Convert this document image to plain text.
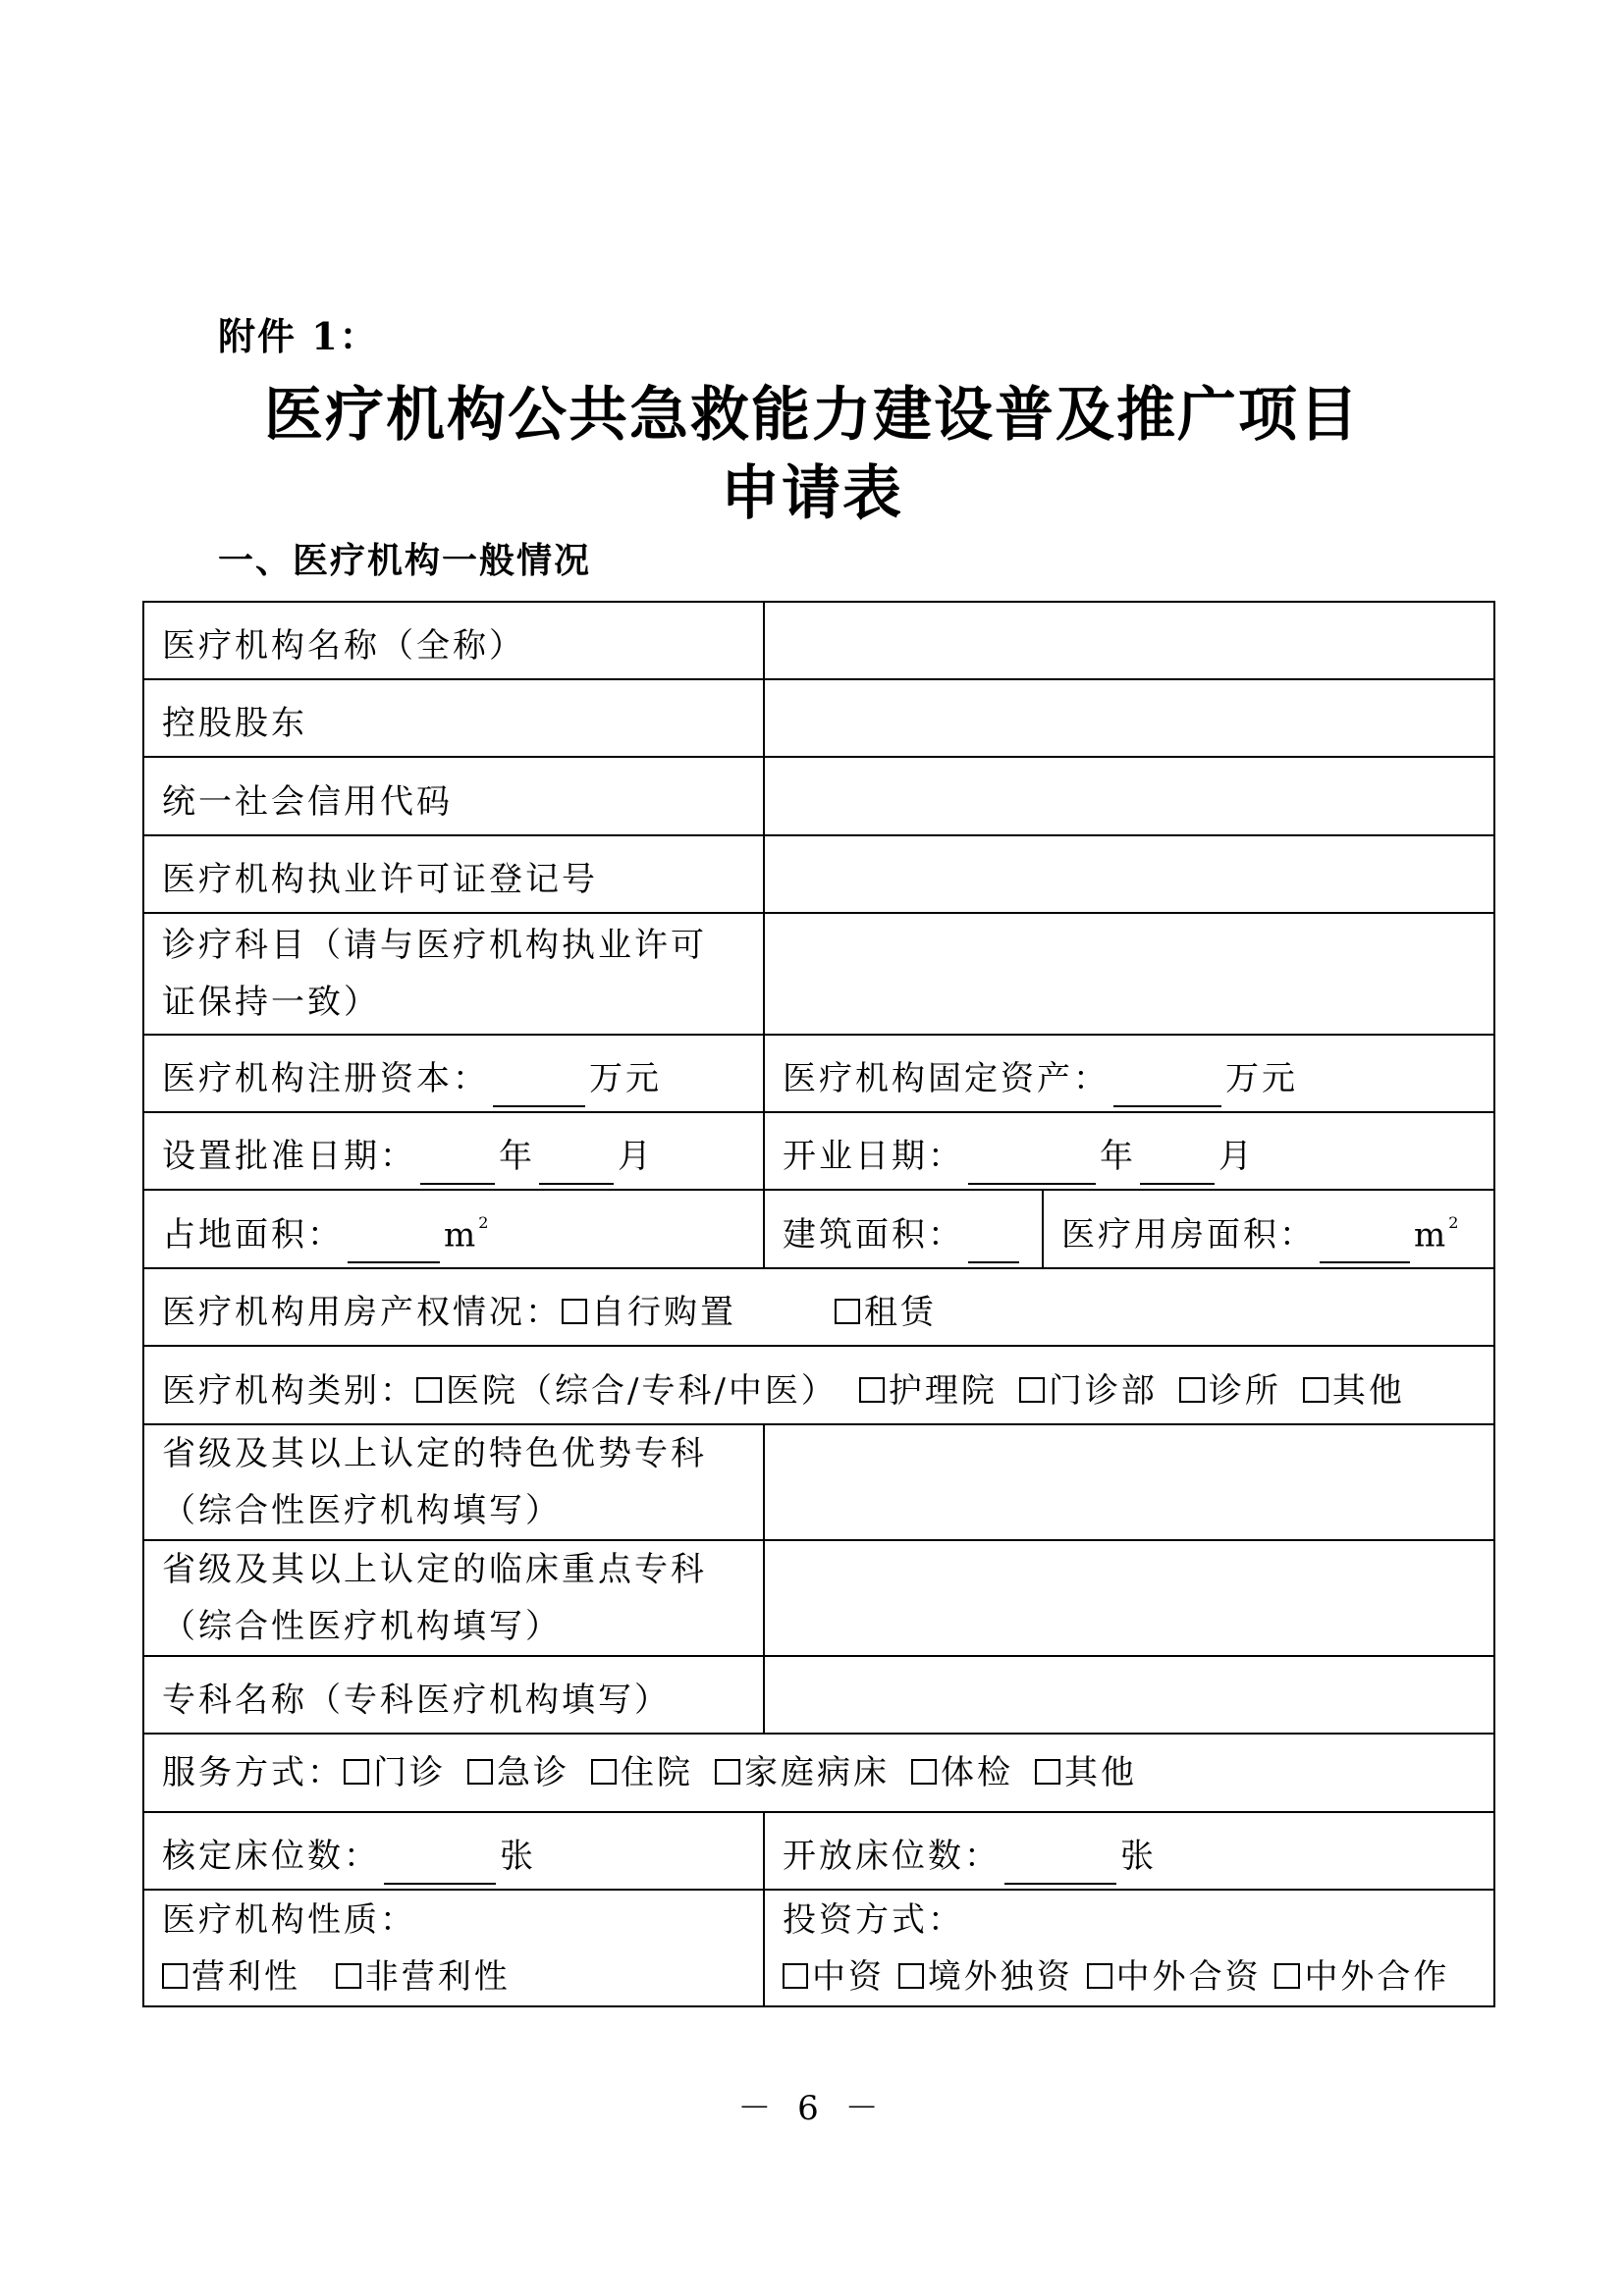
附件 1：
医疗机构公共急救能力建设普及推广项目
申请表
一、医疗机构一般情况
医疗机构名称（全称）
控股股东
统一社会信用代码
医疗机构执业许可证登记号
诊疗科目（请与医疗机构执业许可
证保持一致）
医疗机构注册资本：	万元	医疗机构固定资产：	万元
设置批准日期： 年 月	开业日期：	年 月
占地面积：	$m^2$	建筑面积：	医疗用房面积：	$m^2$
医疗机构用房产权情况： 自行购置	租赁
医疗机构类别： 医院（综合/专科/中医）	护理院	门诊部	诊所	其他
省级及其以上认定的特色优势专科
（综合性医疗机构填写）
省级及其以上认定的临床重点专科
（综合性医疗机构填写）
专科名称（专科医疗机构填写）
服务方式： 门诊	急诊	住院	家庭病床	体检	其他
核定床位数：	张	开放床位数：	张
医疗机构性质：
营利性 非营利性
投资方式：
中资 境外独资 中外合资 中外合作
－ 6 －
